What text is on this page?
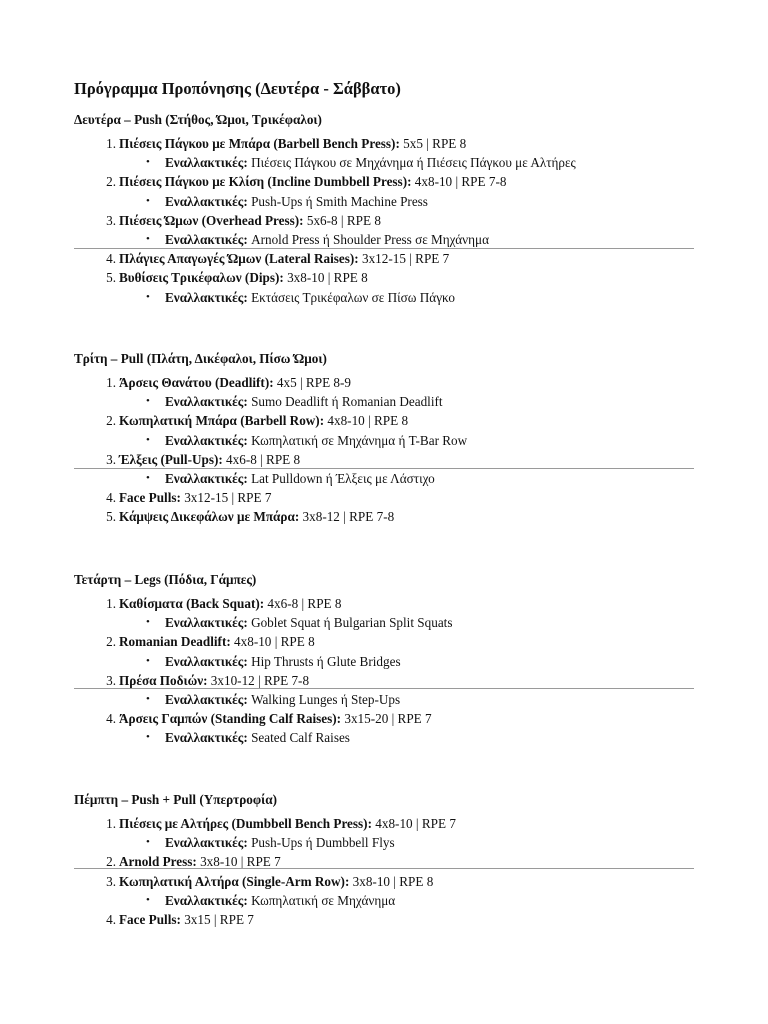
Πρόγραμμα Προπόνησης (Δευτέρα - Σάββατο)
Δευτέρα – Push (Στήθος, Ώμοι, Τρικέφαλοι)
1. Πιέσεις Πάγκου με Μπάρα (Barbell Bench Press): 5x5 | RPE 8
• Εναλλακτικές: Πιέσεις Πάγκου σε Μηχάνημα ή Πιέσεις Πάγκου με Αλτήρες
2. Πιέσεις Πάγκου με Κλίση (Incline Dumbbell Press): 4x8-10 | RPE 7-8
• Εναλλακτικές: Push-Ups ή Smith Machine Press
3. Πιέσεις Ώμων (Overhead Press): 5x6-8 | RPE 8
• Εναλλακτικές: Arnold Press ή Shoulder Press σε Μηχάνημα
4. Πλάγιες Απαγωγές Ώμων (Lateral Raises): 3x12-15 | RPE 7
5. Βυθίσεις Τρικέφαλων (Dips): 3x8-10 | RPE 8
• Εναλλακτικές: Εκτάσεις Τρικέφαλων σε Πίσω Πάγκο
Τρίτη – Pull (Πλάτη, Δικέφαλοι, Πίσω Ώμοι)
1. Άρσεις Θανάτου (Deadlift): 4x5 | RPE 8-9
• Εναλλακτικές: Sumo Deadlift ή Romanian Deadlift
2. Κωπηλατική Μπάρα (Barbell Row): 4x8-10 | RPE 8
• Εναλλακτικές: Κωπηλατική σε Μηχάνημα ή T-Bar Row
3. Έλξεις (Pull-Ups): 4x6-8 | RPE 8
• Εναλλακτικές: Lat Pulldown ή Έλξεις με Λάστιχο
4. Face Pulls: 3x12-15 | RPE 7
5. Κάμψεις Δικεφάλων με Μπάρα: 3x8-12 | RPE 7-8
Τετάρτη – Legs (Πόδια, Γάμπες)
1. Καθίσματα (Back Squat): 4x6-8 | RPE 8
• Εναλλακτικές: Goblet Squat ή Bulgarian Split Squats
2. Romanian Deadlift: 4x8-10 | RPE 8
• Εναλλακτικές: Hip Thrusts ή Glute Bridges
3. Πρέσα Ποδιών: 3x10-12 | RPE 7-8
• Εναλλακτικές: Walking Lunges ή Step-Ups
4. Άρσεις Γαμπών (Standing Calf Raises): 3x15-20 | RPE 7
• Εναλλακτικές: Seated Calf Raises
Πέμπτη – Push + Pull (Υπερτροφία)
1. Πιέσεις με Αλτήρες (Dumbbell Bench Press): 4x8-10 | RPE 7
• Εναλλακτικές: Push-Ups ή Dumbbell Flys
2. Arnold Press: 3x8-10 | RPE 7
3. Κωπηλατική Αλτήρα (Single-Arm Row): 3x8-10 | RPE 8
• Εναλλακτικές: Κωπηλατική σε Μηχάνημα
4. Face Pulls: 3x15 | RPE 7
